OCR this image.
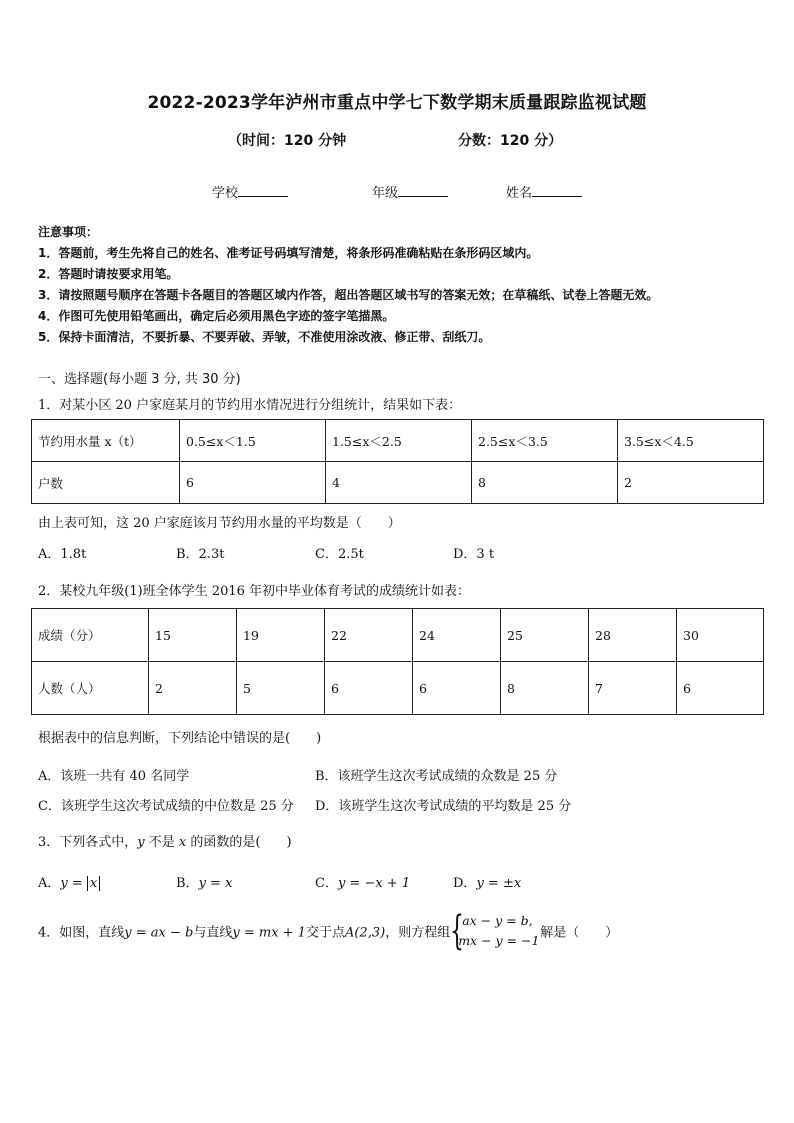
2022-2023学年泸州市重点中学七下数学期末质量跟踪监视试题
（时间：120 分钟	分数：120 分）
学校	年级	姓名
注意事项：
1．答题前，考生先将自己的姓名、准考证号码填写清楚，将条形码准确粘贴在条形码区域内。
2．答题时请按要求用笔。
3．请按照题号顺序在答题卡各题目的答题区域内作答，超出答题区域书写的答案无效；在草稿纸、试卷上答题无效。
4．作图可先使用铅笔画出，确定后必须用黑色字迹的签字笔描黑。
5．保持卡面清洁，不要折暴、不要弄破、弄皱，不准使用涂改液、修正带、刮纸刀。
一、选择题(每小题 3 分, 共 30 分)
1．对某小区 20 户家庭某月的节约用水情况进行分组统计，结果如下表：
节约用水量 x（t）	0.5≤x＜1.5	1.5≤x＜2.5	2.5≤x＜3.5	3.5≤x＜4.5
户数	6	4	8	2
由上表可知，这 20 户家庭该月节约用水量的平均数是（　　）
A．1.8t	B．2.3t	C．2.5t	D．3 t
2．某校九年级(1)班全体学生 2016 年初中毕业体育考试的成绩统计如表：
成绩（分）	15	19	22	24	25	28	30
人数（人）	2	5	6	6	8	7	6
根据表中的信息判断，下列结论中错误的是(　　)
A．该班一共有 40 名同学	B．该班学生这次考试成绩的众数是 25 分
C．该班学生这次考试成绩的中位数是 25 分 D．该班学生这次考试成绩的平均数是 25 分
3．下列各式中，y 不是 x 的函数的是(　　)
A．y = x	B．y = x	C．y = −x + 1	D．y = ±x
4．如图，直线y = ax − b与直线y = mx + 1交于点A(2,3)，则方程组 {
ax − y = b,
mx − y = −1 解是（　　）
